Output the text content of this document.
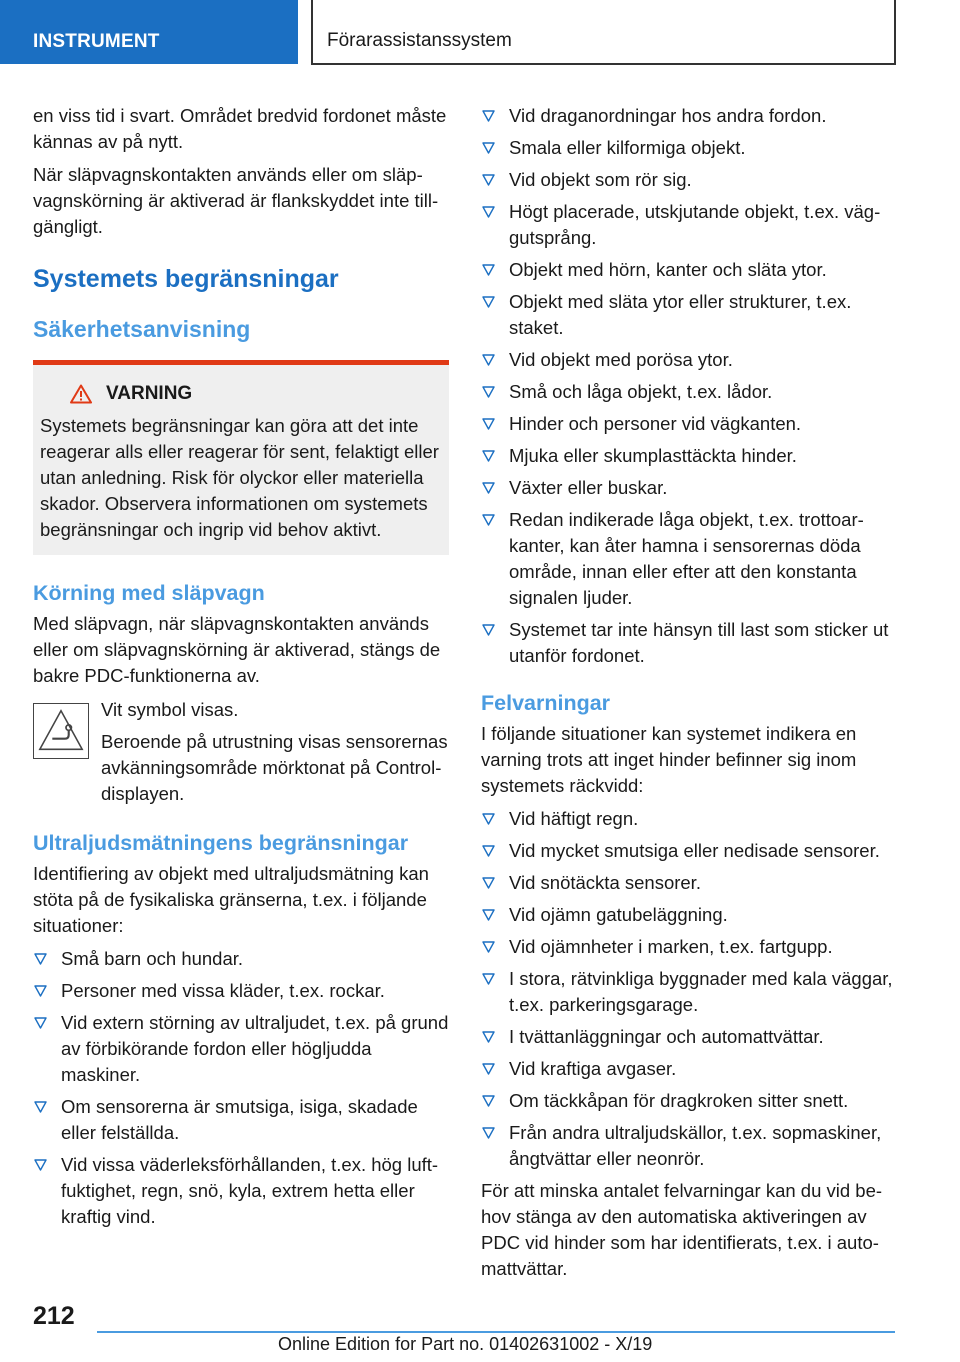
INSTRUMENT	Förarassistanssystem

en viss tid i svart. Området bredvid fordonet måste kännas av på nytt.

När släpvagnskontakten används eller om släpvagnskörning är aktiverad är flankskyddet inte tillgängligt.

Systemets begränsningar
Säkerhetsanvisning
VARNING
Systemets begränsningar kan göra att det inte reagerar alls eller reagerar för sent, felaktigt eller utan anledning. Risk för olyckor eller materiella skador. Observera informationen om systemets begränsningar och ingrip vid behov aktivt.
Körning med släpvagn

Med släpvagn, när släpvagnskontakten används eller om släpvagnskörning är aktiverad, stängs de bakre PDC-funktionerna av.

Vit symbol visas.

Beroende på utrustning visas sensorernas avkänningsområde mörktonat på Control-displayen.

Ultraljudsmätningens begränsningar

Identifiering av objekt med ultraljudsmätning kan stöta på de fysikaliska gränserna, t.ex. i följande situationer:

Små barn och hundar.
Personer med vissa kläder, t.ex. rockar.
Vid extern störning av ultraljudet, t.ex. på grund av förbikörande fordon eller högljudda maskiner.
Om sensorerna är smutsiga, isiga, skadade eller felställda.
Vid vissa väderleksförhållanden, t.ex. hög luftfuktighet, regn, snö, kyla, extrem hetta eller kraftig vind.
Vid draganordningar hos andra fordon.
Smala eller kilformiga objekt.
Vid objekt som rör sig.
Högt placerade, utskjutande objekt, t.ex. väggutsprång.
Objekt med hörn, kanter och släta ytor.
Objekt med släta ytor eller strukturer, t.ex. staket.
Vid objekt med porösa ytor.
Små och låga objekt, t.ex. lådor.
Hinder och personer vid vägkanten.
Mjuka eller skumplasttäckta hinder.
Växter eller buskar.
Redan indikerade låga objekt, t.ex. trottoarkanter, kan åter hamna i sensorernas döda område, innan eller efter att den konstanta signalen ljuder.
Systemet tar inte hänsyn till last som sticker ut utanför fordonet.
Felvarningar

I följande situationer kan systemet indikera en varning trots att inget hinder befinner sig inom systemets räckvidd:

Vid häftigt regn.
Vid mycket smutsiga eller nedisade sensorer.
Vid snötäckta sensorer.
Vid ojämn gatubeläggning.
Vid ojämnheter i marken, t.ex. fartgupp.
I stora, rätvinkliga byggnader med kala väggar, t.ex. parkeringsgarage.
I tvättanläggningar och automattvättar.
Vid kraftiga avgaser.
Om täckkåpan för dragkroken sitter snett.
Från andra ultraljudskällor, t.ex. sopmaskiner, ångtvättar eller neonrör.

För att minska antalet felvarningar kan du vid behov stänga av den automatiska aktiveringen av PDC vid hinder som har identifierats, t.ex. i automattvättar.

212
Online Edition for Part no. 01402631002 - X/19
